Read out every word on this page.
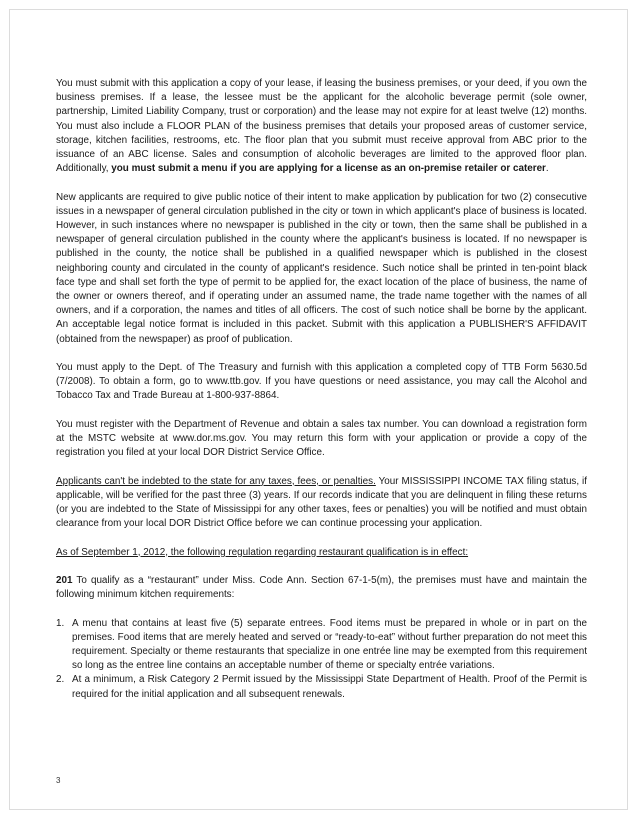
You must submit with this application a copy of your lease, if leasing the business premises, or your deed, if you own the business premises. If a lease, the lessee must be the applicant for the alcoholic beverage permit (sole owner, partnership, Limited Liability Company, trust or corporation) and the lease may not expire for at least twelve (12) months. You must also include a FLOOR PLAN of the business premises that details your proposed areas of customer service, storage, kitchen facilities, restrooms, etc. The floor plan that you submit must receive approval from ABC prior to the issuance of an ABC license. Sales and consumption of alcoholic beverages are limited to the approved floor plan. Additionally, you must submit a menu if you are applying for a license as an on-premise retailer or caterer.

New applicants are required to give public notice of their intent to make application by publication for two (2) consecutive issues in a newspaper of general circulation published in the city or town in which applicant's place of business is located. However, in such instances where no newspaper is published in the city or town, then the same shall be published in a newspaper of general circulation published in the county where the applicant's business is located. If no newspaper is published in the county, the notice shall be published in a qualified newspaper which is published in the closest neighboring county and circulated in the county of applicant's residence. Such notice shall be printed in ten-point black face type and shall set forth the type of permit to be applied for, the exact location of the place of business, the name of the owner or owners thereof, and if operating under an assumed name, the trade name together with the names of all owners, and if a corporation, the names and titles of all officers. The cost of such notice shall be borne by the applicant. An acceptable legal notice format is included in this packet. Submit with this application a PUBLISHER'S AFFIDAVIT (obtained from the newspaper) as proof of publication.

You must apply to the Dept. of The Treasury and furnish with this application a completed copy of TTB Form 5630.5d (7/2008). To obtain a form, go to www.ttb.gov. If you have questions or need assistance, you may call the Alcohol and Tobacco Tax and Trade Bureau at 1-800-937-8864.

You must register with the Department of Revenue and obtain a sales tax number. You can download a registration form at the MSTC website at www.dor.ms.gov. You may return this form with your application or provide a copy of the registration you filed at your local DOR District Service Office.

Applicants can't be indebted to the state for any taxes, fees, or penalties. Your MISSISSIPPI INCOME TAX filing status, if applicable, will be verified for the past three (3) years. If our records indicate that you are delinquent in filing these returns (or you are indebted to the State of Mississippi for any other taxes, fees or penalties) you will be notified and must obtain clearance from your local DOR District Office before we can continue processing your application.

As of September 1, 2012, the following regulation regarding restaurant qualification is in effect:

201 To qualify as a “restaurant” under Miss. Code Ann. Section 67-1-5(m), the premises must have and maintain the following minimum kitchen requirements:

1. A menu that contains at least five (5) separate entrees. Food items must be prepared in whole or in part on the premises. Food items that are merely heated and served or “ready-to-eat” without further preparation do not meet this requirement. Specialty or theme restaurants that specialize in one entrée line may be exempted from this requirement so long as the entree line contains an acceptable number of theme or specialty entrée variations.
2. At a minimum, a Risk Category 2 Permit issued by the Mississippi State Department of Health. Proof of the Permit is required for the initial application and all subsequent renewals.
3
